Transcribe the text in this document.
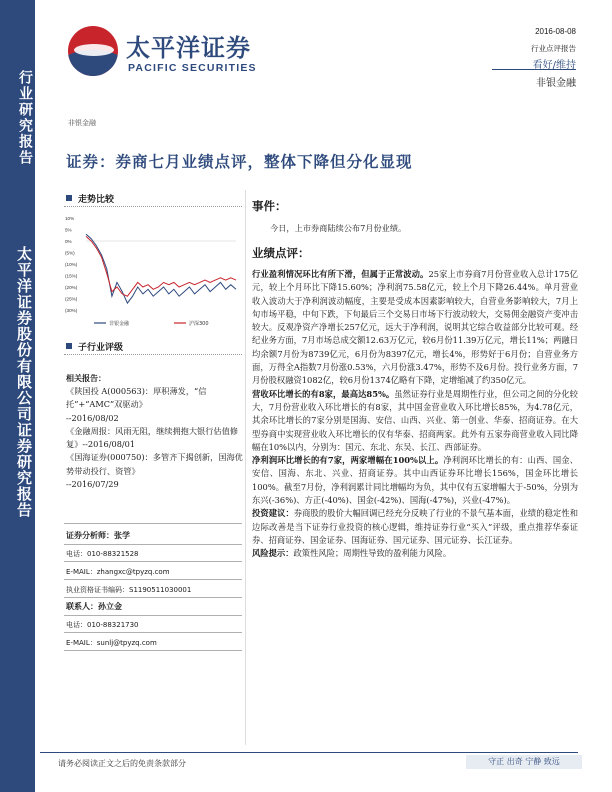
行业研究报告
太平洋证券股份有限公司证券研究报告
太平洋证券
PACIFIC SECURITIES
2016-08-08
行业点评报告
看好/维持
非银金融
非银金融
证券：券商七月业绩点评，整体下降但分化显现
走势比较
10%
5%
0%
(5%)
(10%)
(15%)
(20%)
(25%)
(30%)
非银金融	沪深300
子行业评级
相关报告：
《陕国投 A(000563)：厚积薄发，“信托”+“AMC”双驱动》
--2016/08/02
《金融周报：风雨无阻，继续拥抱大银行估值修复》--2016/08/01
《国海证券(000750)：多管齐下揭创新，国海优势带动投行、资管》
--2016/07/29
证券分析师：张学
电话：010-88321528
E-MAIL：zhangxc@tpyzq.com
执业资格证书编码：S1190511030001
联系人：孙立金
电话：010-88321730
E-MAIL：sunlj@tpyzq.com
事件：
今日，上市券商陆续公布7月份业绩。
业绩点评：

行业盈利情况环比有所下滑，但属于正常波动。25家上市券商7月份营业收入总计175亿元，较上个月环比下降15.60%；净利润75.58亿元，较上个月下降26.44%。单月营业收入波动大于净利润波动幅度，主要是受成本因素影响较大，自营业务影响较大，7月上旬市场平稳，中旬下跌，下旬最后三个交易日市场下行波动较大，交易佣金融资产变冲击较大。反观净资产净增长257亿元，远大于净利润，说明其它综合收益部分比较可观。经纪业务方面，7月市场总成交额12.63万亿元，较6月份11.39万亿元，增长11%；两融日均余额7月份为8739亿元，6月份为8397亿元，增长4%，形势好于6月份；自营业务方面，万得全A指数7月份涨0.53%，六月份涨3.47%，形势不及6月份。投行业务方面，7月份股权融资1082亿，较6月份1374亿略有下降，定增缩减了约350亿元。

营收环比增长的有8家，最高达85%。虽然证券行业是周期性行业，但公司之间的分化较大，7月份营业收入环比增长的有8家，其中国金营业收入环比增长85%，为4.78亿元，其余环比增长的7家分别是国海、安信、山西、兴业、第一创业、华泰、招商证券。在大型券商中实现营业收入环比增长的仅有华泰、招商两家。此外有五家券商营业收入同比降幅在10%以内，分别为：国元、东北、东吴、长江、西部证券。

净利润环比增长的有7家，两家增幅在100%以上。净利润环比增长的有：山西、国金、安信、国海、东北、兴业、招商证券。其中山西证券环比增长156%，国金环比增长100%。截至7月份，净利润累计同比增幅均为负，其中仅有五家增幅大于-50%，分别为东兴(-36%)、方正(-40%)、国金(-42%)、国海(-47%)，兴业(-47%)。

投资建议：券商股的股价大幅回调已经充分反映了行业的不景气基本面，业绩的稳定性和边际改善是当下证券行业投资的核心逻辑，维持证券行业“买入”评级，重点推荐华泰证券、招商证券、国金证券、国海证券、国元证券、国元证券、长江证券。

风险提示：政策性风险；周期性导致的盈利能力风险。

请务必阅读正文之后的免责条款部分	守正 出奇 宁静 致远
